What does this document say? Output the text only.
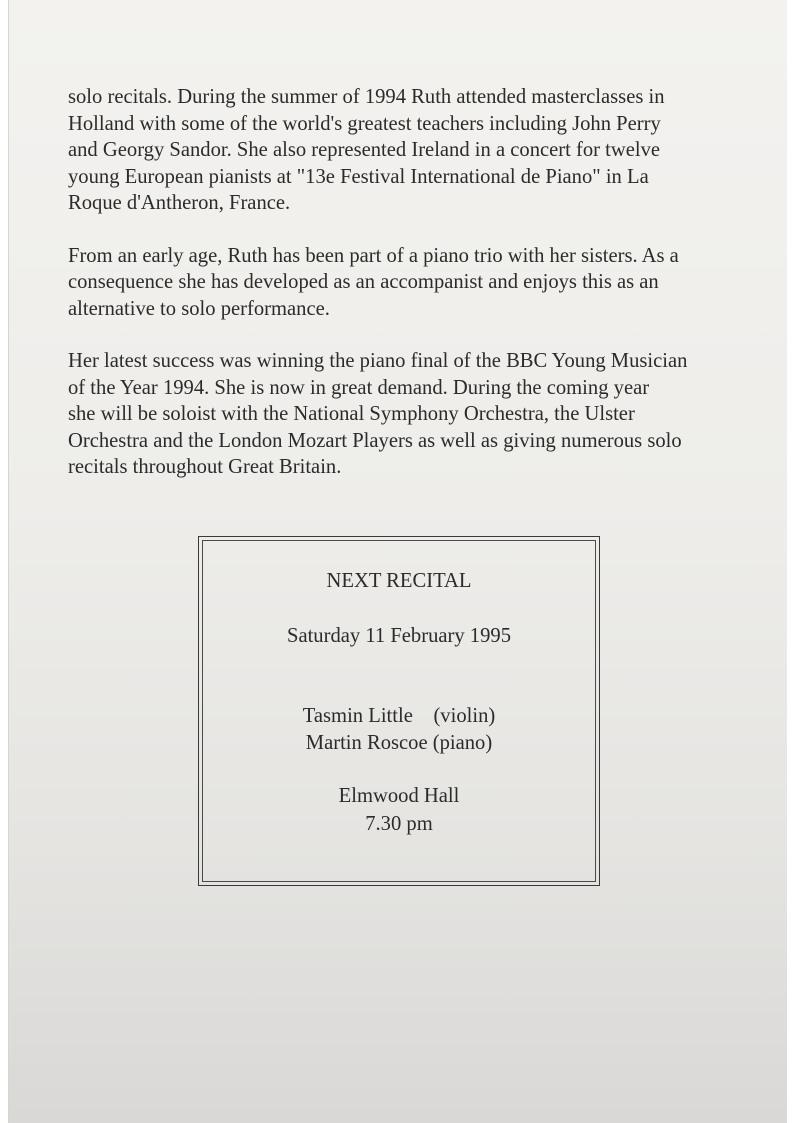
solo recitals. During the summer of 1994 Ruth attended masterclasses in
Holland with some of the world's greatest teachers including John Perry
and Georgy Sandor. She also represented Ireland in a concert for twelve
young European pianists at "13e Festival International de Piano" in La
Roque d'Antheron, France.

From an early age, Ruth has been part of a piano trio with her sisters. As a
consequence she has developed as an accompanist and enjoys this as an
alternative to solo performance.

Her latest success was winning the piano final of the BBC Young Musician
of the Year 1994. She is now in great demand. During the coming year
she will be soloist with the National Symphony Orchestra, the Ulster
Orchestra and the London Mozart Players as well as giving numerous solo
recitals throughout Great Britain.

NEXT RECITAL
Saturday 11 February 1995
Tasmin Little    (violin)
Martin Roscoe (piano)
Elmwood Hall
7.30 pm
